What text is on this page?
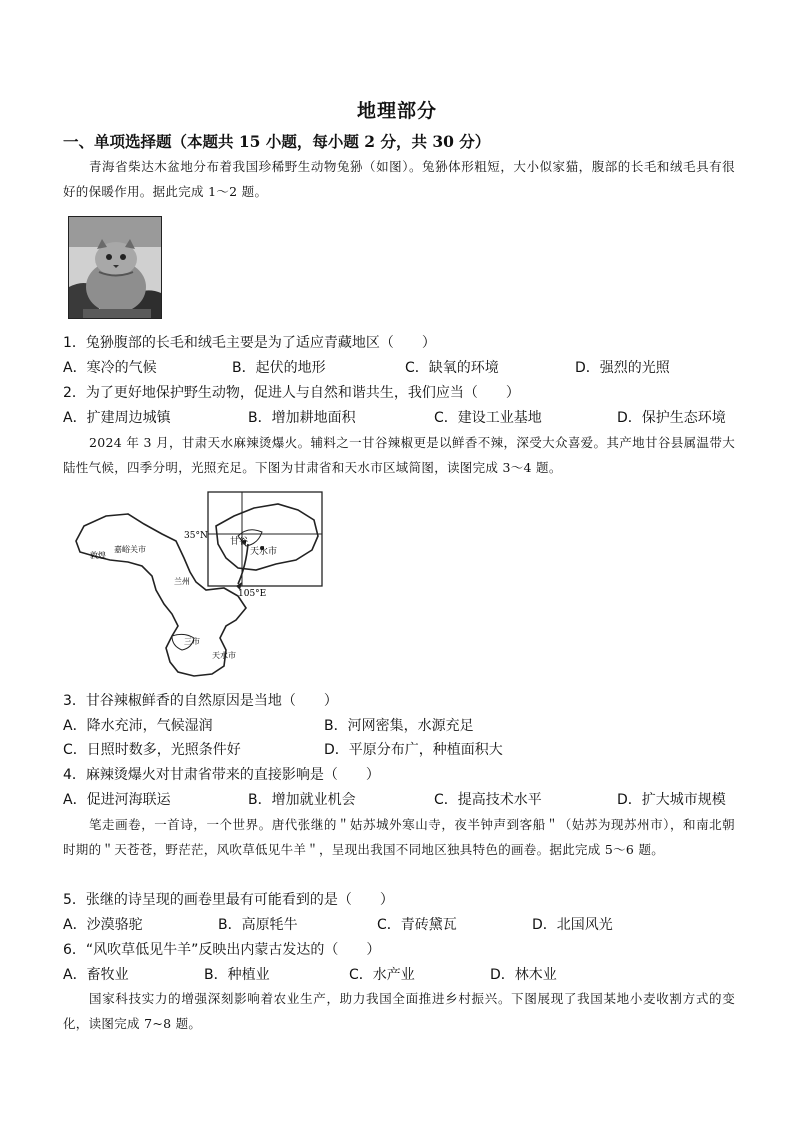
地理部分
一、单项选择题（本题共 15 小题，每小题 2 分，共 30 分）
青海省柴达木盆地分布着我国珍稀野生动物兔狲（如图）。兔狲体形粗短，大小似家猫，腹部的长毛和绒毛具有很好的保暖作用。据此完成 1～2 题。
1．兔狲腹部的长毛和绒毛主要是为了适应青藏地区（　　）
A．寒冷的气候	B．起伏的地形	C．缺氧的环境	D．强烈的光照
2．为了更好地保护野生动物，促进人与自然和谐共生，我们应当（　　）
A．扩建周边城镇	B．增加耕地面积	C．建设工业基地	D．保护生态环境
2024 年 3 月，甘肃天水麻辣烫爆火。辅料之一甘谷辣椒更是以鲜香不辣，深受大众喜爱。其产地甘谷县属温带大陆性气候，四季分明，光照充足。下图为甘肃省和天水市区域简图，读图完成 3～4 题。
敦煌
嘉峪关市
兰州
三市
天水市
甘谷
天水市
35°N
105°E
3．甘谷辣椒鲜香的自然原因是当地（　　）
A．降水充沛，气候湿润	B．河网密集，水源充足
C．日照时数多，光照条件好	D．平原分布广，种植面积大
4．麻辣烫爆火对甘肃省带来的直接影响是（　　）
A．促进河海联运	B．增加就业机会	C．提高技术水平	D．扩大城市规模
笔走画卷，一首诗，一个世界。唐代张继的＂姑苏城外寒山寺，夜半钟声到客船＂（姑苏为现苏州市），和南北朝时期的＂天苍苍，野茫茫，风吹草低见牛羊＂，呈现出我国不同地区独具特色的画卷。据此完成 5～6 题。
5．张继的诗呈现的画卷里最有可能看到的是（　　）
A．沙漠骆驼	B．高原牦牛	C．青砖黛瓦	D．北国风光
6．“风吹草低见牛羊”反映出内蒙古发达的（　　）
A．畜牧业	B．种植业	C．水产业	D．林木业
国家科技实力的增强深刻影响着农业生产，助力我国全面推进乡村振兴。下图展现了我国某地小麦收割方式的变化，读图完成 7~8 题。
